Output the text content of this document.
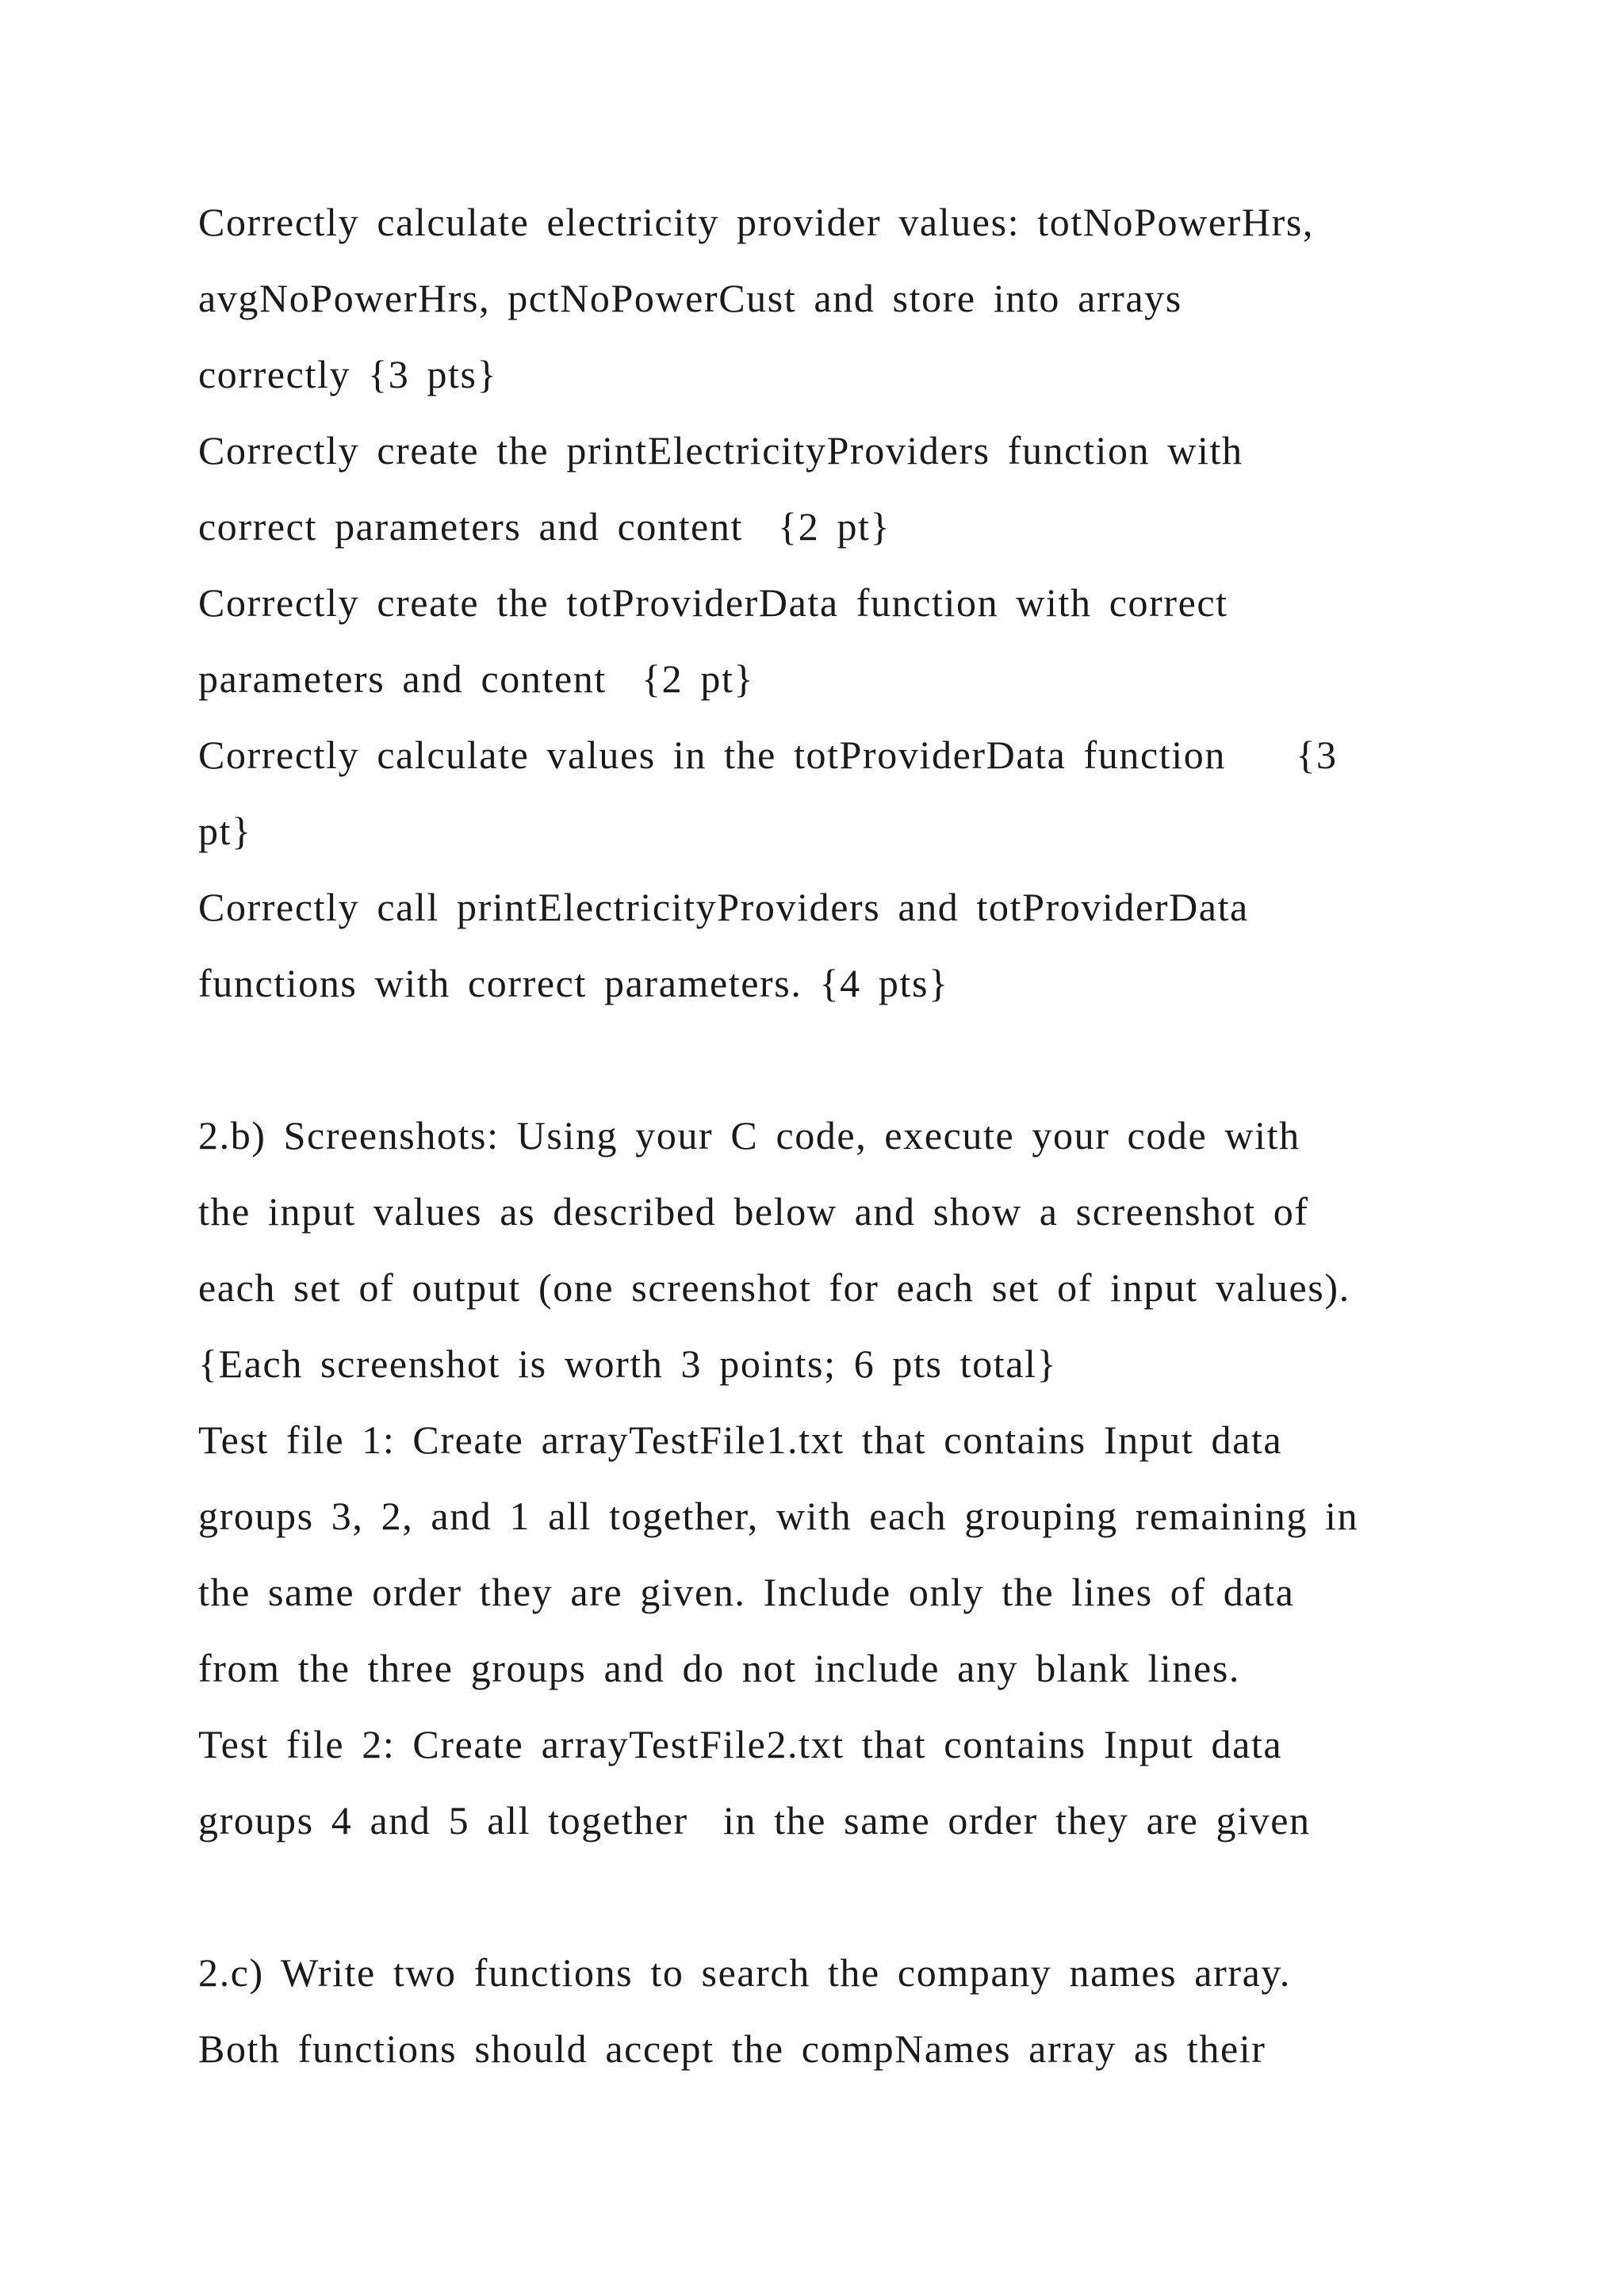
Correctly calculate electricity provider values: totNoPowerHrs,
avgNoPowerHrs, pctNoPowerCust and store into arrays
correctly {3 pts}
Correctly create the printElectricityProviders function with
correct parameters and content  {2 pt}
Correctly create the totProviderData function with correct
parameters and content  {2 pt}
Correctly calculate values in the totProviderData function    {3
pt}
Correctly call printElectricityProviders and totProviderData
functions with correct parameters. {4 pts}
2.b) Screenshots: Using your C code, execute your code with
the input values as described below and show a screenshot of
each set of output (one screenshot for each set of input values).
{Each screenshot is worth 3 points; 6 pts total}
Test file 1: Create arrayTestFile1.txt that contains Input data
groups 3, 2, and 1 all together, with each grouping remaining in
the same order they are given. Include only the lines of data
from the three groups and do not include any blank lines.
Test file 2: Create arrayTestFile2.txt that contains Input data
groups 4 and 5 all together  in the same order they are given
2.c) Write two functions to search the company names array.
Both functions should accept the compNames array as their
